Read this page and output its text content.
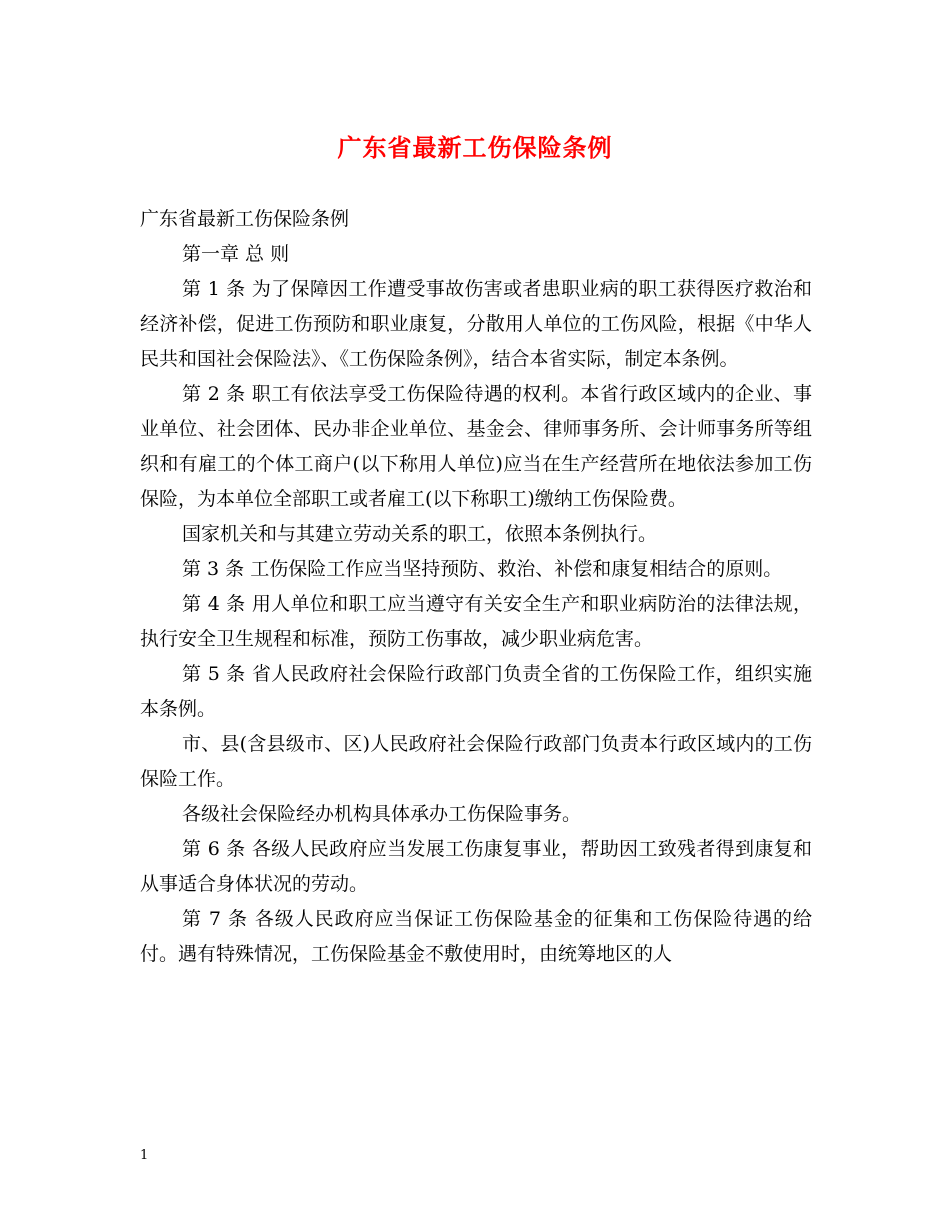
广东省最新工伤保险条例

广东省最新工伤保险条例

第一章 总 则

第 1 条 为了保障因工作遭受事故伤害或者患职业病的职工获得医疗救治和经济补偿，促进工伤预防和职业康复，分散用人单位的工伤风险，根据《中华人民共和国社会保险法》、《工伤保险条例》，结合本省实际，制定本条例。

第 2 条 职工有依法享受工伤保险待遇的权利。本省行政区域内的企业、事业单位、社会团体、民办非企业单位、基金会、律师事务所、会计师事务所等组织和有雇工的个体工商户(以下称用人单位)应当在生产经营所在地依法参加工伤保险，为本单位全部职工或者雇工(以下称职工)缴纳工伤保险费。

国家机关和与其建立劳动关系的职工，依照本条例执行。

第 3 条 工伤保险工作应当坚持预防、救治、补偿和康复相结合的原则。

第 4 条 用人单位和职工应当遵守有关安全生产和职业病防治的法律法规，执行安全卫生规程和标准，预防工伤事故，减少职业病危害。

第 5 条 省人民政府社会保险行政部门负责全省的工伤保险工作，组织实施本条例。

市、县(含县级市、区)人民政府社会保险行政部门负责本行政区域内的工伤保险工作。

各级社会保险经办机构具体承办工伤保险事务。

第 6 条 各级人民政府应当发展工伤康复事业，帮助因工致残者得到康复和从事适合身体状况的劳动。

第 7 条 各级人民政府应当保证工伤保险基金的征集和工伤保险待遇的给付。遇有特殊情况，工伤保险基金不敷使用时，由统筹地区的人

1
